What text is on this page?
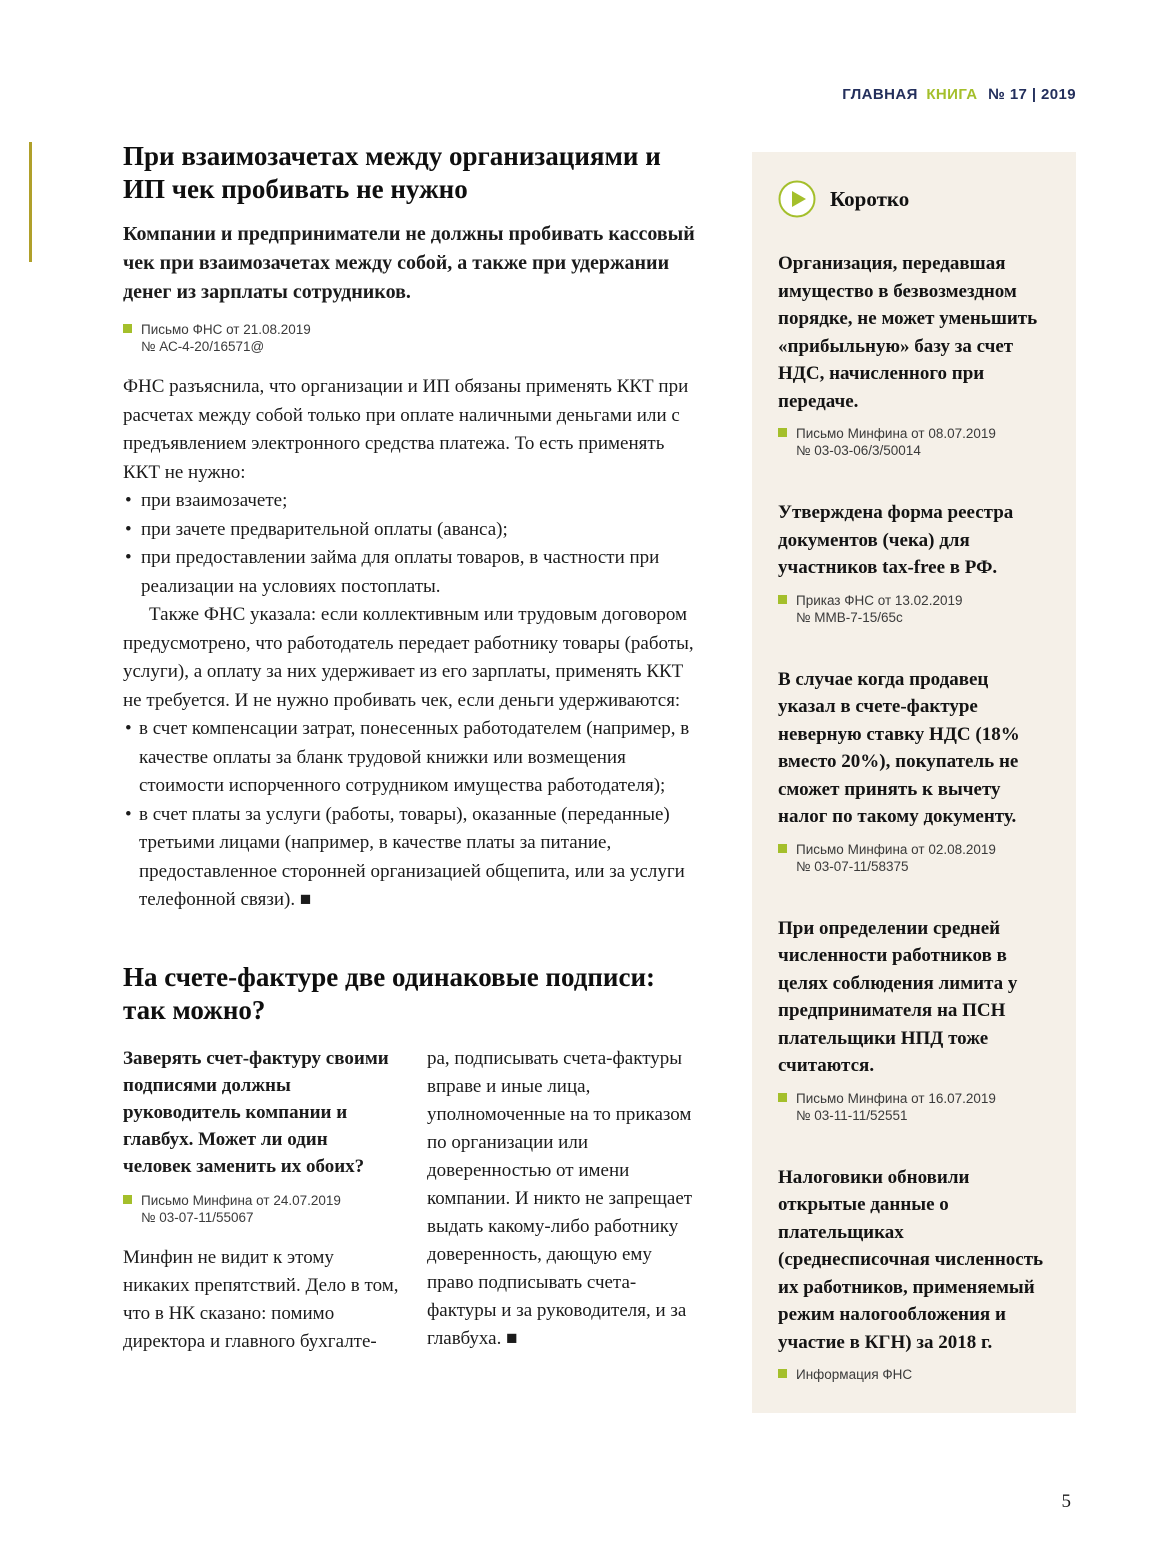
ГЛАВНАЯ КНИГА № 17 | 2019
При взаимозачетах между организациями и ИП чек пробивать не нужно

Компании и предприниматели не должны пробивать кассовый чек при взаимозачетах между собой, а также при удержании денег из зарплаты сотрудников.

Письмо ФНС от 21.08.2019
№ АС-4-20/16571@

ФНС разъяснила, что организации и ИП обязаны применять ККТ при расчетах между собой только при оплате наличными деньгами или с предъявлением электронного средства платежа. То есть применять ККТ не нужно:

• при взаимозачете;
• при зачете предварительной оплаты (аванса);
• при предоставлении займа для оплаты товаров, в частности при реализации на условиях постоплаты.

Также ФНС указала: если коллективным или трудовым договором предусмотрено, что работодатель передает работнику товары (работы, услуги), а оплату за них удерживает из его зарплаты, применять ККТ не требуется. И не нужно пробивать чек, если деньги удерживаются:

• в счет компенсации затрат, понесенных работодателем (например, в качестве оплаты за бланк трудовой книжки или возмещения стоимости испорченного сотрудником имущества работодателя);
• в счет платы за услуги (работы, товары), оказанные (переданные) третьими лицами (например, в качестве платы за питание, предоставленное сторонней организацией общепита, или за услуги телефонной связи). ■
На счете-фактуре две одинаковые подписи: так можно?

Заверять счет-фактуру своими подписями должны руководитель компании и главбух. Может ли один человек заменить их обоих?

Письмо Минфина от 24.07.2019
№ 03-07-11/55067

Минфин не видит к этому никаких препятствий. Дело в том, что в НК сказано: помимо директора и главного бухгалте-

ра, подписывать счета-фактуры вправе и иные лица, уполномоченные на то приказом по организации или доверенностью от имени компании. И никто не запрещает выдать какому-либо работнику доверенность, дающую ему право подписывать счета-фактуры и за руководителя, и за главбуха. ■

Коротко

Организация, передавшая имущество в безвозмездном порядке, не может уменьшить «прибыльную» базу за счет НДС, начисленного при передаче.

Письмо Минфина от 08.07.2019
№ 03-03-06/3/50014

Утверждена форма реестра документов (чека) для участников tax-free в РФ.

Приказ ФНС от 13.02.2019
№ ММВ-7-15/65с

В случае когда продавец указал в счете-фактуре неверную ставку НДС (18% вместо 20%), покупатель не сможет принять к вычету налог по такому документу.

Письмо Минфина от 02.08.2019
№ 03-07-11/58375

При определении средней численности работников в целях соблюдения лимита у предпринимателя на ПСН плательщики НПД тоже считаются.

Письмо Минфина от 16.07.2019
№ 03-11-11/52551

Налоговики обновили открытые данные о плательщиках (среднесписочная численность их работников, применяемый режим налогообложения и участие в КГН) за 2018 г.

Информация ФНС
5
